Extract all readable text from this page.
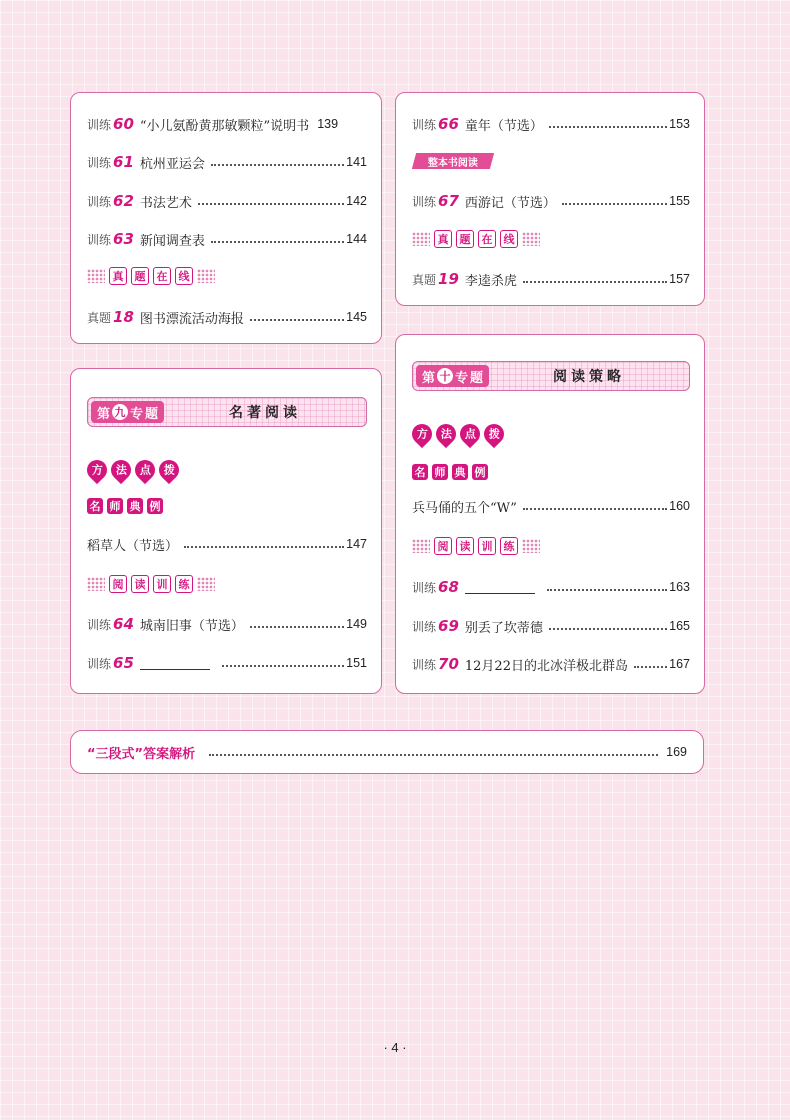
训练 60 “小儿氨酚黄那敏颗粒”说明书 139
训练 61 杭州亚运会	141
训练 62 书法艺术	142
训练 63 新闻调查表	144
真	题	在	线
真题 18 图书漂流活动海报	145
训练 66 童年（节选）	153
整本书阅读
训练 67 西游记（节选）	155
真	题	在	线
真题 19 李逵杀虎	157
第 九 专 题	名著阅读
方 法 点 拨
名 师 典 例
稻草人（节选）	147
阅	读	训	练
训练 64 城南旧事（节选）	149
训练 65	151
第 十 专 题	阅读策略
方 法 点 拨
名 师 典 例
兵马俑的五个“W”	160
阅	读	训	练
训练 68	163
训练 69 别丢了坎蒂德	165
训练 70 12月22日的北冰洋极北群岛	167
“三段式”答案解析	169
· 4 ·
